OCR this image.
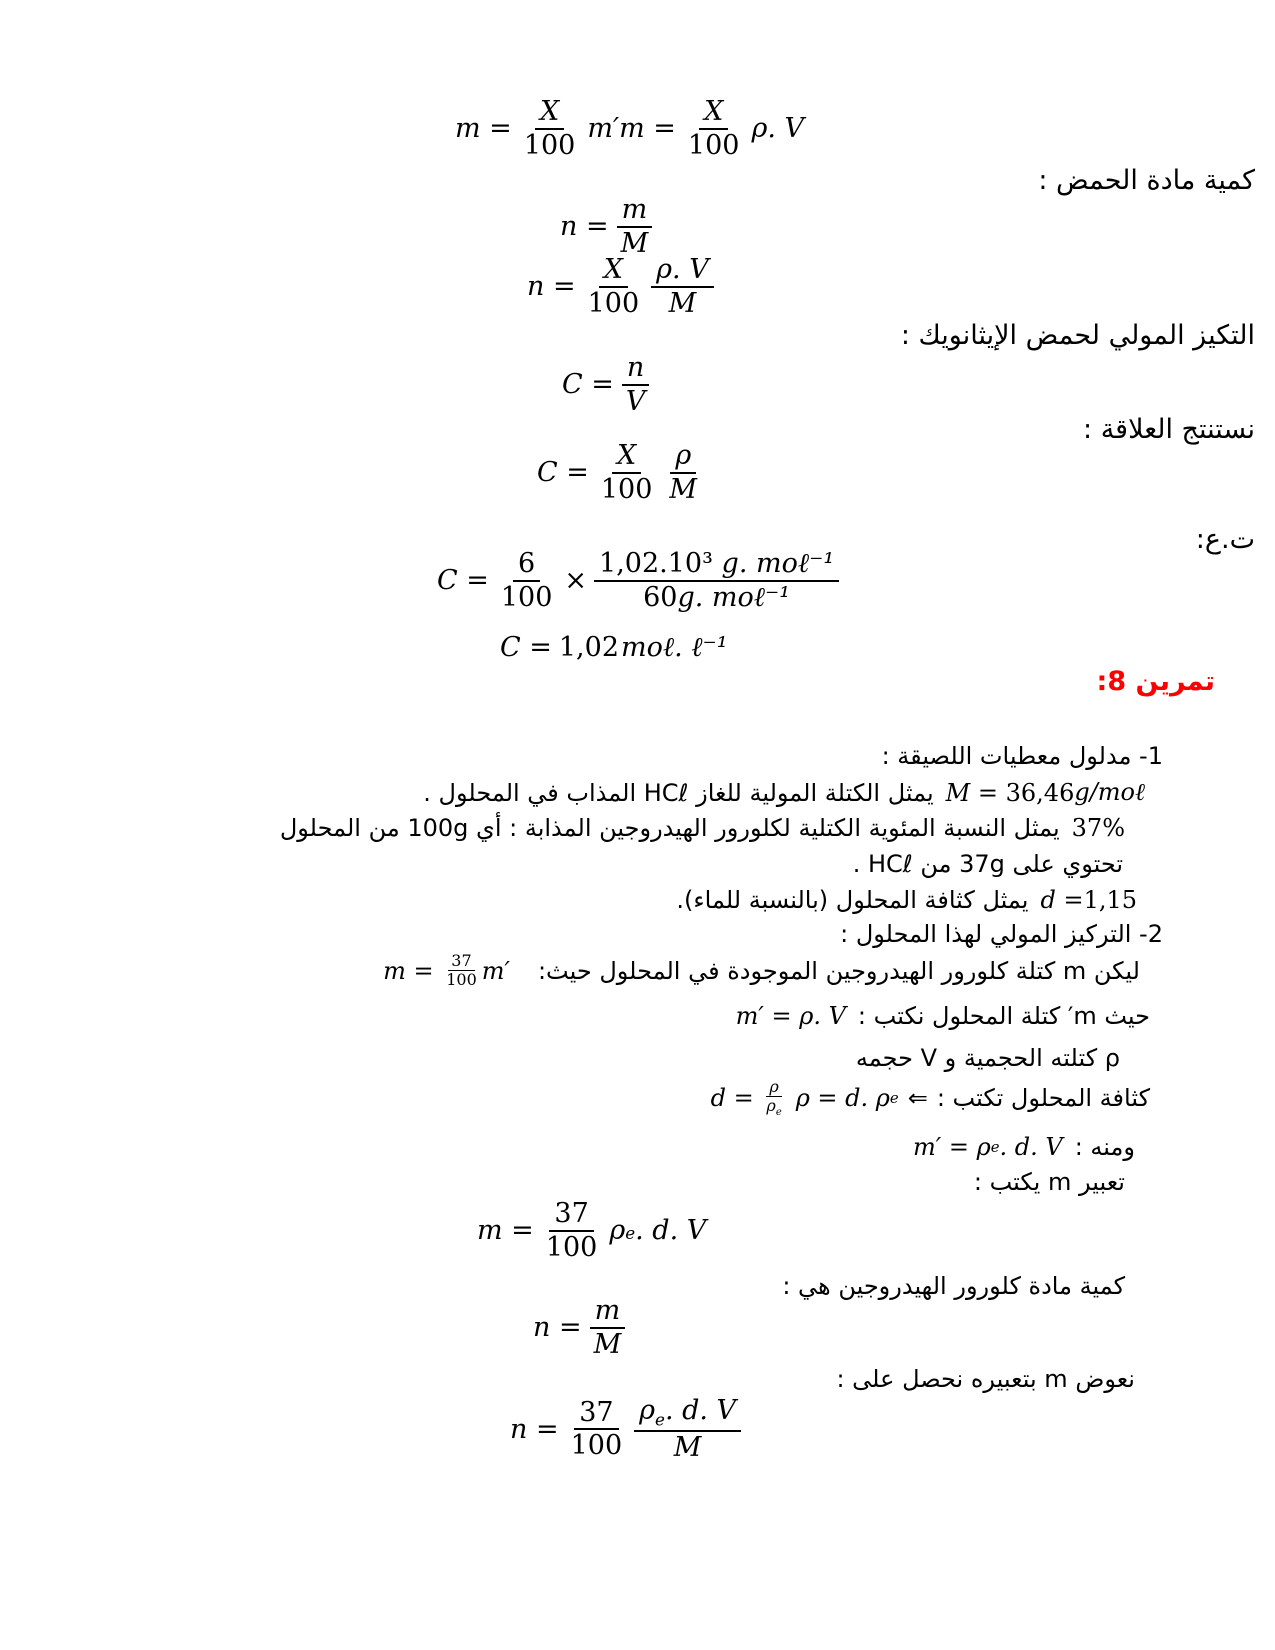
$m = \frac{X}{100} m'm = \frac{X}{100} \rho$. V
كمية مادة الحمض :
$n = \frac{m}{M}$
$n = \frac{X}{100} \frac{\rho. V}{M}$
التكيز المولي لحمض الإيثانويك :
$C = \frac{n}{V}$
نستنتج العلاقة :
$C = \frac{X}{100} \frac{\rho}{M}$
ت.ع:
$C = \frac{6}{100} \times \frac{\text{1,02.10³ g. moℓ⁻¹}}{\text{60g. moℓ⁻¹}}$
C = 1,02 moℓ. ℓ⁻¹
تمرين 8:
1- مدلول معطيات اللصيقة :
M =
36,46 g/moℓ
يمثل الكتلة المولية للغاز HCℓ المذاب في المحلول .
37%
يمثل النسبة المئوية الكتلية لكلورور الهيدروجين المذابة : أي 100g من المحلول
تحتوي على 37g من HCℓ .
d = 1,15
يمثل كثافة المحلول (بالنسبة للماء).
2- التركيز المولي لهذا المحلول :
ليكن m كتلة كلورور الهيدروجين الموجودة في المحلول حيث:
m =
$\frac{37}{100} m'$
حيث m′ كتلة المحلول نكتب :
m′ = ρ. V
ρ كتلته الحجمية و V حجمه
كثافة المحلول تكتب :
⇐
ρ = d. ρ e
d =
$\frac{\rho}{\rho_e}$
ومنه :
m′ = ρ e . d. V
تعبير m يكتب :
$m = \frac{37}{100}$ ρ e . d. V
كمية مادة كلورور الهيدروجين هي :
$n = \frac{m}{M}$
نعوض m بتعبيره نحصل على :
$n = \frac{37}{100} \frac{\rho_e. d. V}{M}$
